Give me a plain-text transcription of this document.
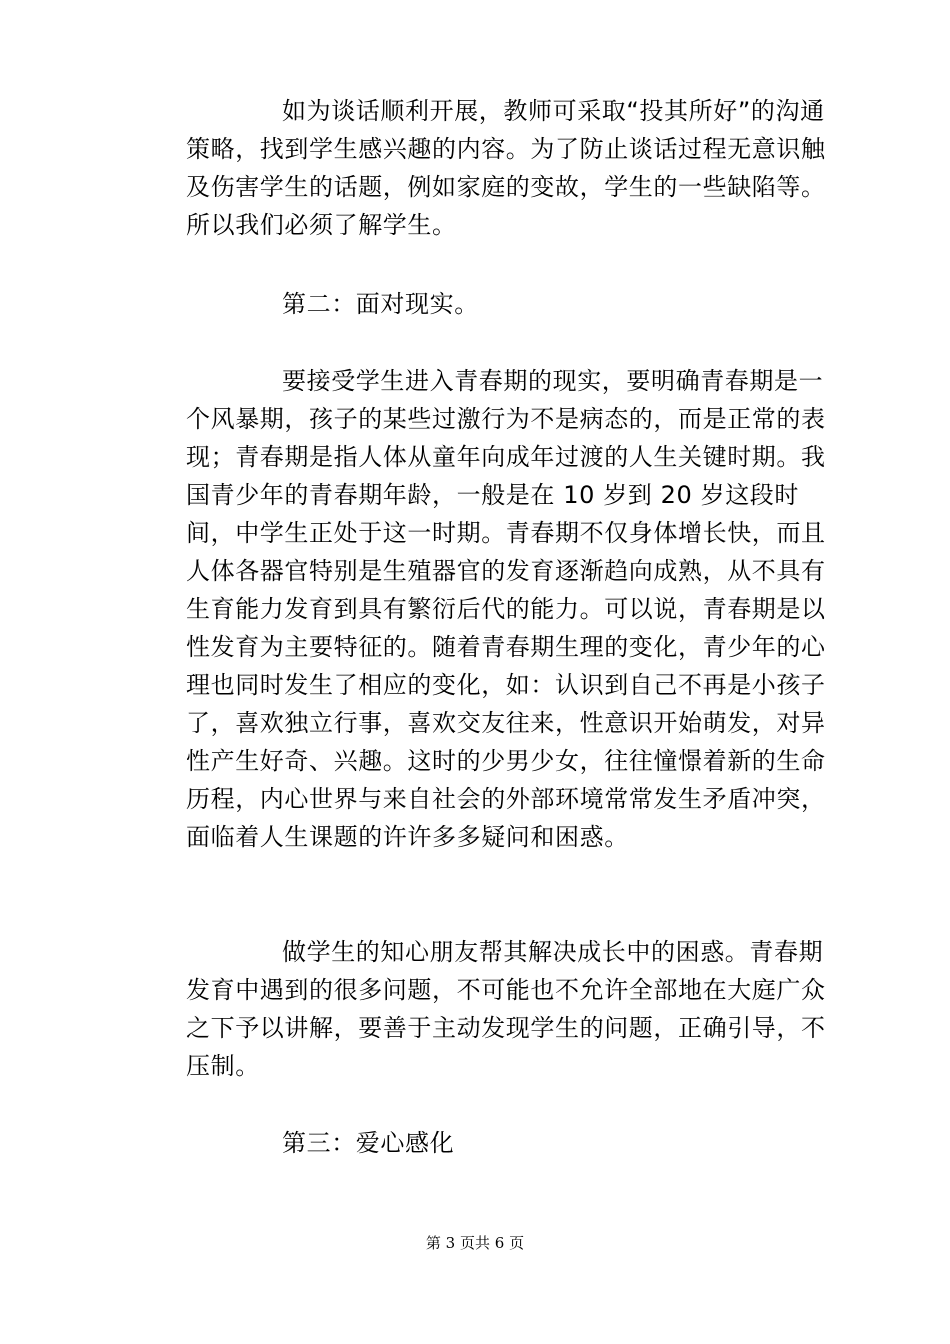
如为谈话顺利开展，教师可采取“投其所好”的沟通策略，找到学生感兴趣的内容。为了防止谈话过程无意识触及伤害学生的话题，例如家庭的变故，学生的一些缺陷等。所以我们必须了解学生。

第二：面对现实。

要接受学生进入青春期的现实，要明确青春期是一个风暴期，孩子的某些过激行为不是病态的，而是正常的表现；青春期是指人体从童年向成年过渡的人生关键时期。我国青少年的青春期年龄，一般是在 10 岁到 20 岁这段时间，中学生正处于这一时期。青春期不仅身体增长快，而且人体各器官特别是生殖器官的发育逐渐趋向成熟，从不具有生育能力发育到具有繁衍后代的能力。可以说，青春期是以性发育为主要特征的。随着青春期生理的变化，青少年的心理也同时发生了相应的变化，如：认识到自己不再是小孩子了，喜欢独立行事，喜欢交友往来，性意识开始萌发，对异性产生好奇、兴趣。这时的少男少女，往往憧憬着新的生命历程，内心世界与来自社会的外部环境常常发生矛盾冲突，面临着人生课题的许许多多疑问和困惑。

做学生的知心朋友帮其解决成长中的困惑。青春期发育中遇到的很多问题，不可能也不允许全部地在大庭广众之下予以讲解，要善于主动发现学生的问题，正确引导，不压制。

第三：爱心感化

第 3 页共 6 页
